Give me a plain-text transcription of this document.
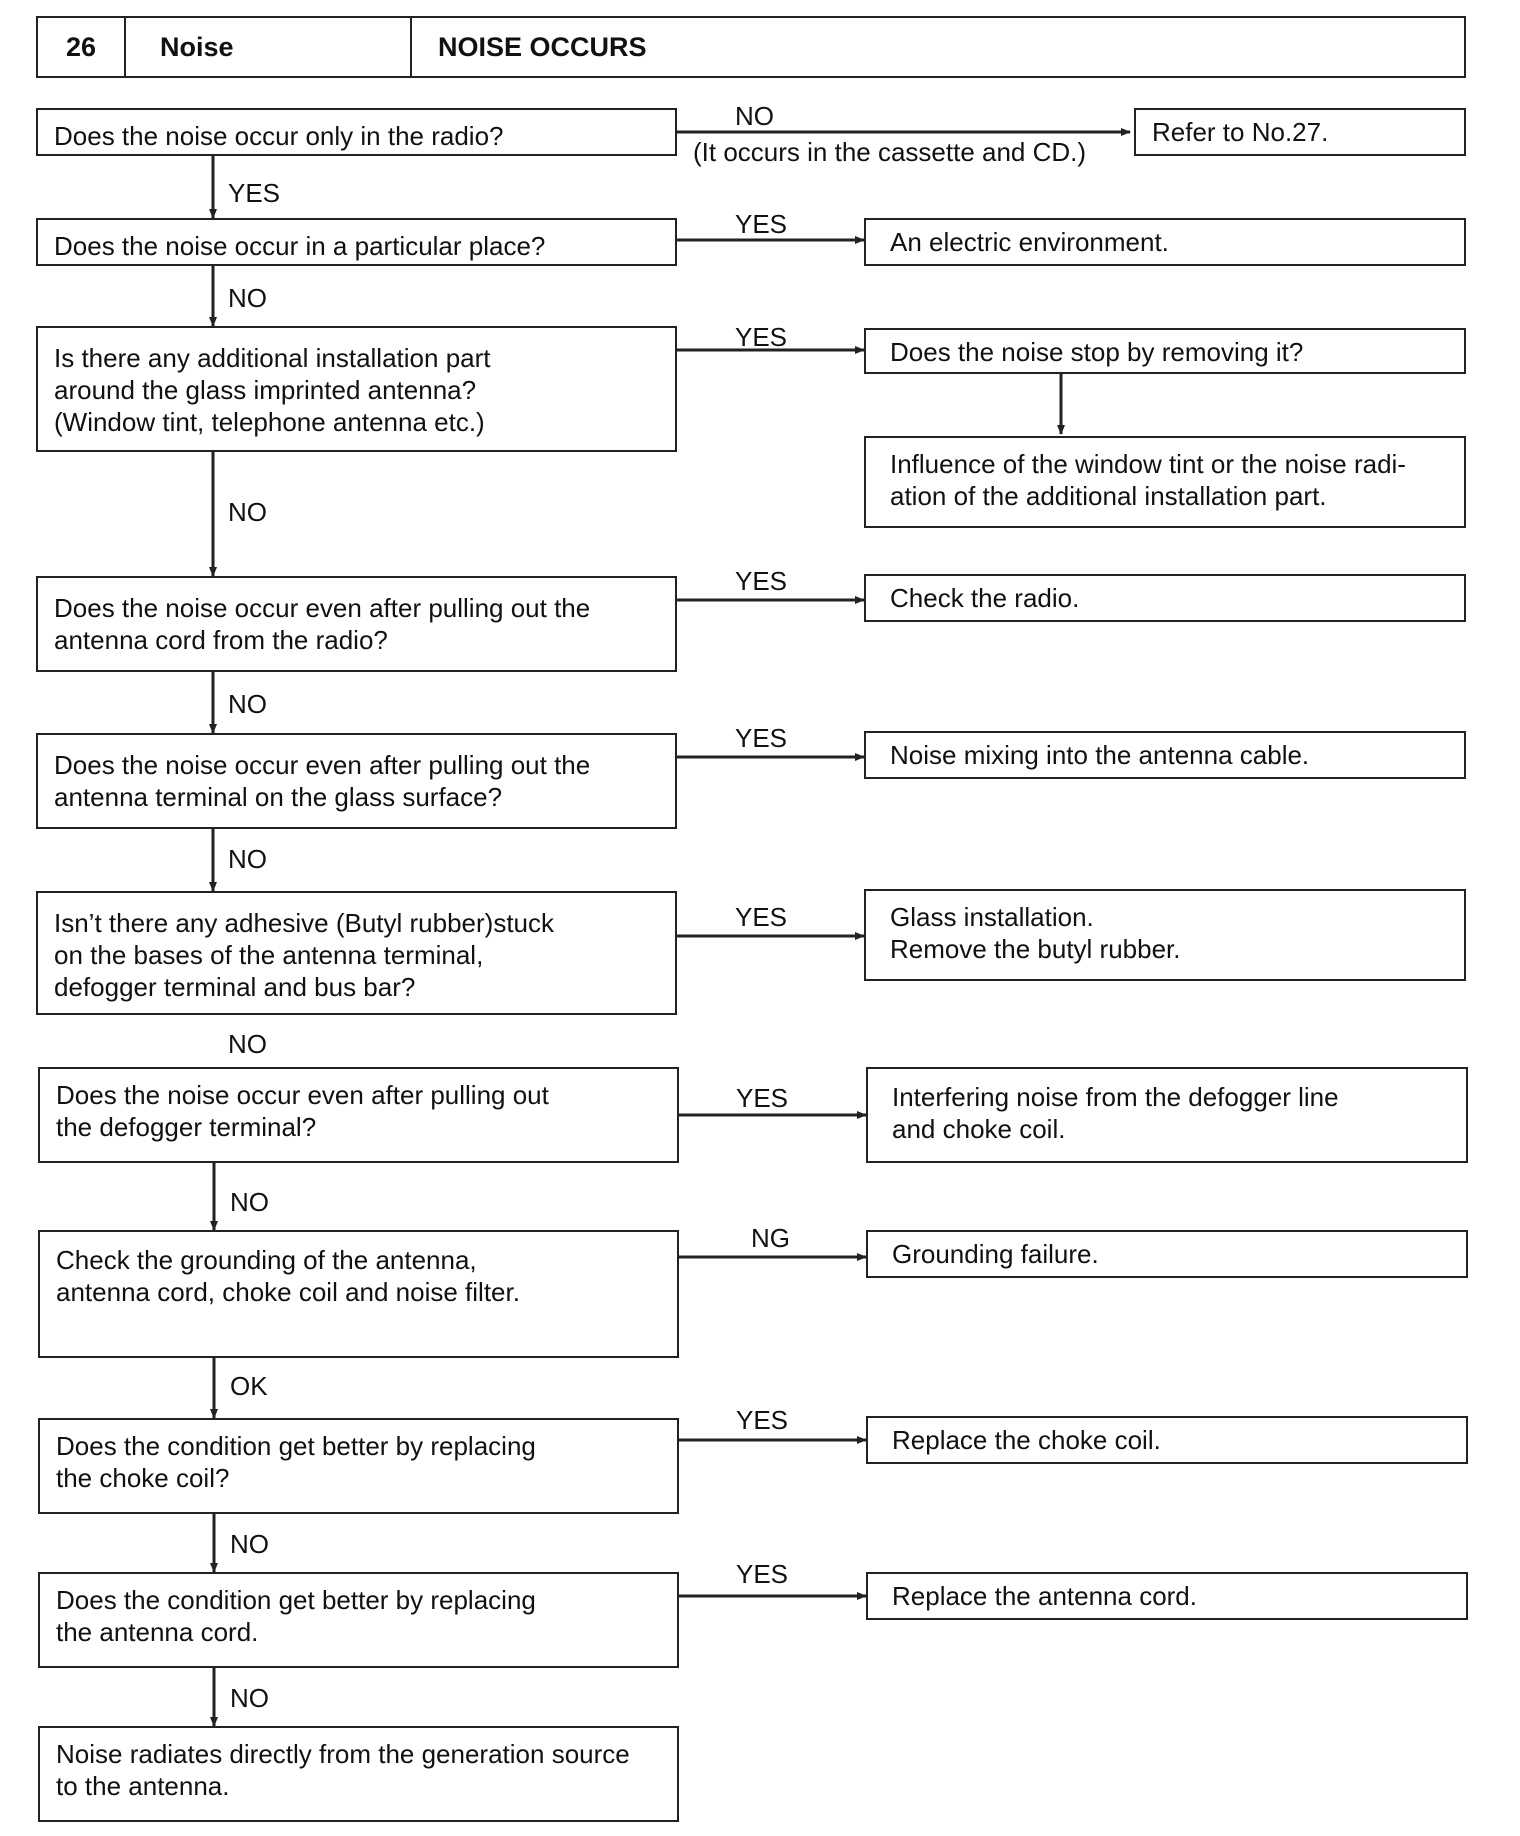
26	Noise	NOISE OCCURS
Does the noise occur only in the radio?
Does the noise occur in a particular place?
Is there any additional installation part
around the glass imprinted antenna?
(Window tint, telephone antenna etc.)
Does the noise occur even after pulling out the
antenna cord from the radio?
Does the noise occur even after pulling out the
antenna terminal on the glass surface?
Isn’t there any adhesive (Butyl rubber)stuck
on the bases of the antenna terminal,
defogger terminal and bus bar?
Does the noise occur even after pulling out
the defogger terminal?
Check the grounding of the antenna,
antenna cord, choke coil and noise filter.
Does the condition get better by replacing
the choke coil?
Does the condition get better by replacing
the antenna cord.
Noise radiates directly from the generation source
to the antenna.
Refer to No.27.
An electric environment.
Does the noise stop by removing it?
Influence of the window tint or the noise radi-
ation of the additional installation part.
Check the radio.
Noise mixing into the antenna cable.
Glass installation.
Remove the butyl rubber.
Interfering noise from the defogger line
and choke coil.
Grounding failure.
Replace the choke coil.
Replace the antenna cord.
NO
(It occurs in the cassette and CD.)
YES
YES
NO
YES
NO
YES
NO
YES
NO
YES
NO
YES
NO
NG
OK
YES
NO
YES
NO
